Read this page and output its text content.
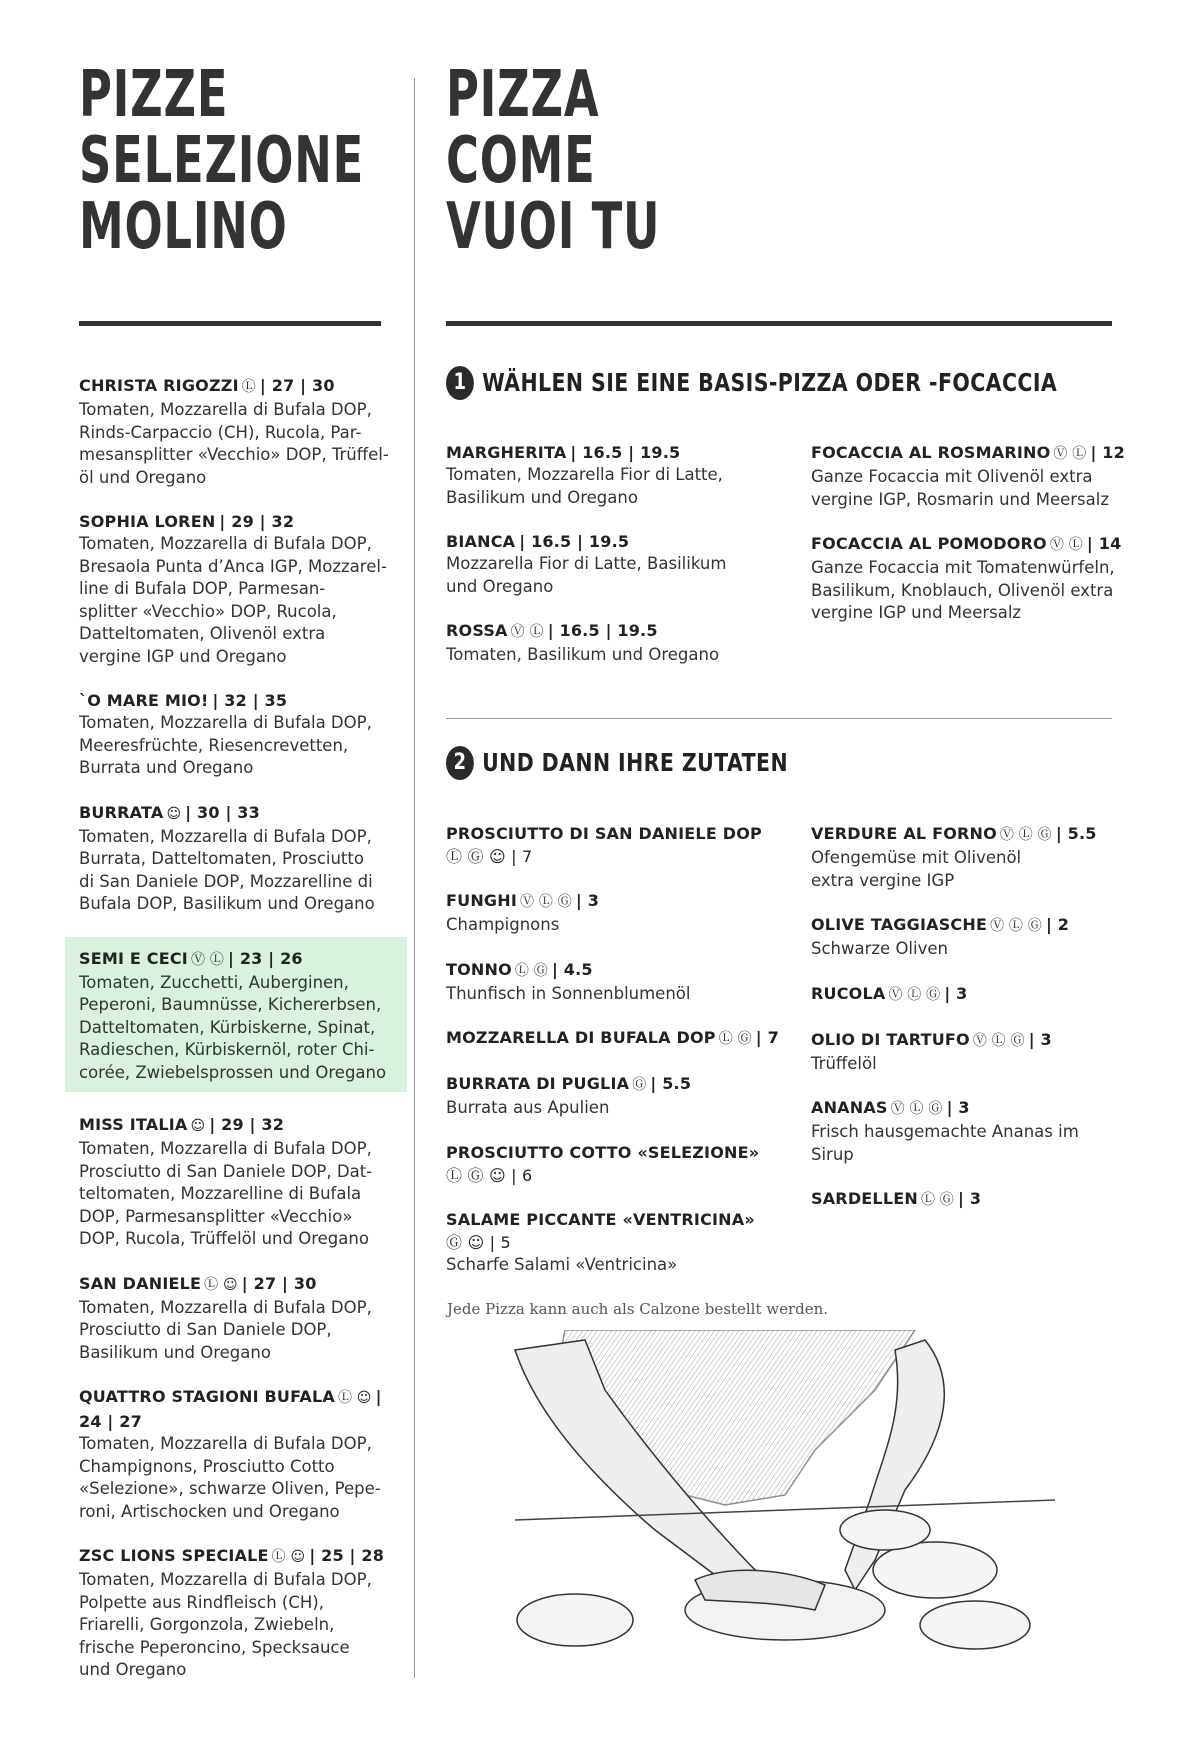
PIZZE
SELEZIONE
MOLINO
CHRISTA RIGOZZI Ⓛ | 27 | 30
Tomaten, Mozzarella di Bufala DOP,
Rinds-Carpaccio (CH), Rucola, Par-
mesansplitter «Vecchio» DOP, Trüffel-
öl und Oregano
SOPHIA LOREN | 29 | 32
Tomaten, Mozzarella di Bufala DOP,
Bresaola Punta d’Anca IGP, Mozzarel-
line di Bufala DOP, Parmesan-
splitter «Vecchio» DOP, Rucola,
Datteltomaten, Olivenöl extra
vergine IGP und Oregano
`O MARE MIO! | 32 | 35
Tomaten, Mozzarella di Bufala DOP,
Meeresfrüchte, Riesencrevetten,
Burrata und Oregano
BURRATA ☺ | 30 | 33
Tomaten, Mozzarella di Bufala DOP,
Burrata, Datteltomaten, Prosciutto
di San Daniele DOP, Mozzarelline di
Bufala DOP, Basilikum und Oregano
SEMI E CECI Ⓥ Ⓛ | 23 | 26
Tomaten, Zucchetti, Auberginen,
Peperoni, Baumnüsse, Kichererbsen,
Datteltomaten, Kürbiskerne, Spinat,
Radieschen, Kürbiskernöl, roter Chi-
corée, Zwiebelsprossen und Oregano
MISS ITALIA ☺ | 29 | 32
Tomaten, Mozzarella di Bufala DOP,
Prosciutto di San Daniele DOP, Dat-
teltomaten, Mozzarelline di Bufala
DOP, Parmesansplitter «Vecchio»
DOP, Rucola, Trüffelöl und Oregano
SAN DANIELE Ⓛ ☺ | 27 | 30
Tomaten, Mozzarella di Bufala DOP,
Prosciutto di San Daniele DOP,
Basilikum und Oregano
QUATTRO STAGIONI BUFALA Ⓛ ☺ | 24 | 27
Tomaten, Mozzarella di Bufala DOP,
Champignons, Prosciutto Cotto
«Selezione», schwarze Oliven, Pepe-
roni, Artischocken und Oregano
ZSC LIONS SPECIALE Ⓛ ☺ | 25 | 28
Tomaten, Mozzarella di Bufala DOP,
Polpette aus Rindfleisch (CH),
Friarelli, Gorgonzola, Zwiebeln,
frische Peperoncino, Specksauce
und Oregano
PIZZA
COME
VUOI TU
1 WÄHLEN SIE EINE BASIS-PIZZA ODER -FOCACCIA
MARGHERITA | 16.5 | 19.5
Tomaten, Mozzarella Fior di Latte,
Basilikum und Oregano
BIANCA | 16.5 | 19.5
Mozzarella Fior di Latte, Basilikum
und Oregano
ROSSA Ⓥ Ⓛ | 16.5 | 19.5
Tomaten, Basilikum und Oregano
FOCACCIA AL ROSMARINO Ⓥ Ⓛ | 12
Ganze Focaccia mit Olivenöl extra
vergine IGP, Rosmarin und Meersalz
FOCACCIA AL POMODORO Ⓥ Ⓛ | 14
Ganze Focaccia mit Tomatenwürfeln,
Basilikum, Knoblauch, Olivenöl extra
vergine IGP und Meersalz
2 UND DANN IHRE ZUTATEN
PROSCIUTTO DI SAN DANIELE DOP
Ⓛ Ⓖ ☺ | 7
FUNGHI Ⓥ Ⓛ Ⓖ | 3
Champignons
TONNO Ⓛ Ⓖ | 4.5
Thunfisch in Sonnenblumenöl
MOZZARELLA DI BUFALA DOP Ⓛ Ⓖ | 7
BURRATA DI PUGLIA Ⓖ | 5.5
Burrata aus Apulien
PROSCIUTTO COTTO «SELEZIONE»
Ⓛ Ⓖ ☺ | 6
SALAME PICCANTE «VENTRICINA»
Ⓖ ☺ | 5
Scharfe Salami «Ventricina»
VERDURE AL FORNO Ⓥ Ⓛ Ⓖ | 5.5
Ofengemüse mit Olivenöl
extra vergine IGP
OLIVE TAGGIASCHE Ⓥ Ⓛ Ⓖ | 2
Schwarze Oliven
RUCOLA Ⓥ Ⓛ Ⓖ | 3
OLIO DI TARTUFO Ⓥ Ⓛ Ⓖ | 3
Trüffelöl
ANANAS Ⓥ Ⓛ Ⓖ | 3
Frisch hausgemachte Ananas im
Sirup
SARDELLEN Ⓛ Ⓖ | 3
Jede Pizza kann auch als Calzone bestellt werden.
